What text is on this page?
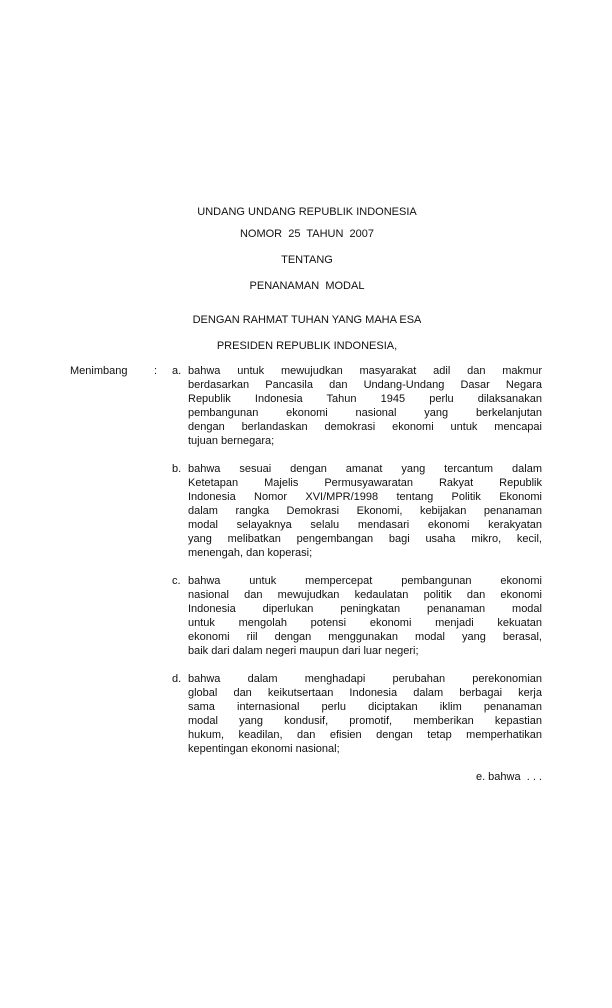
UNDANG UNDANG REPUBLIK INDONESIA
NOMOR  25  TAHUN  2007
TENTANG
PENANAMAN  MODAL
DENGAN RAHMAT TUHAN YANG MAHA ESA
PRESIDEN REPUBLIK INDONESIA,
Menimbang : a. bahwa untuk mewujudkan masyarakat adil dan makmur
berdasarkan Pancasila dan Undang-Undang Dasar Negara
Republik Indonesia Tahun 1945 perlu dilaksanakan
pembangunan ekonomi nasional yang berkelanjutan
dengan berlandaskan demokrasi ekonomi untuk mencapai
tujuan bernegara;
b. bahwa sesuai dengan amanat yang tercantum dalam
Ketetapan Majelis Permusyawaratan Rakyat Republik
Indonesia Nomor XVI/MPR/1998 tentang Politik Ekonomi
dalam rangka Demokrasi Ekonomi, kebijakan penanaman
modal selayaknya selalu mendasari ekonomi kerakyatan
yang melibatkan pengembangan bagi usaha mikro, kecil,
menengah, dan koperasi;
c. bahwa untuk mempercepat pembangunan ekonomi
nasional dan mewujudkan kedaulatan politik dan ekonomi
Indonesia diperlukan peningkatan penanaman modal
untuk mengolah potensi ekonomi menjadi kekuatan
ekonomi riil dengan menggunakan modal yang berasal,
baik dari dalam negeri maupun dari luar negeri;
d. bahwa dalam menghadapi perubahan perekonomian
global dan keikutsertaan Indonesia dalam berbagai kerja
sama internasional perlu diciptakan iklim penanaman
modal yang kondusif, promotif, memberikan kepastian
hukum, keadilan, dan efisien dengan tetap memperhatikan
kepentingan ekonomi nasional;
e. bahwa  . . .
